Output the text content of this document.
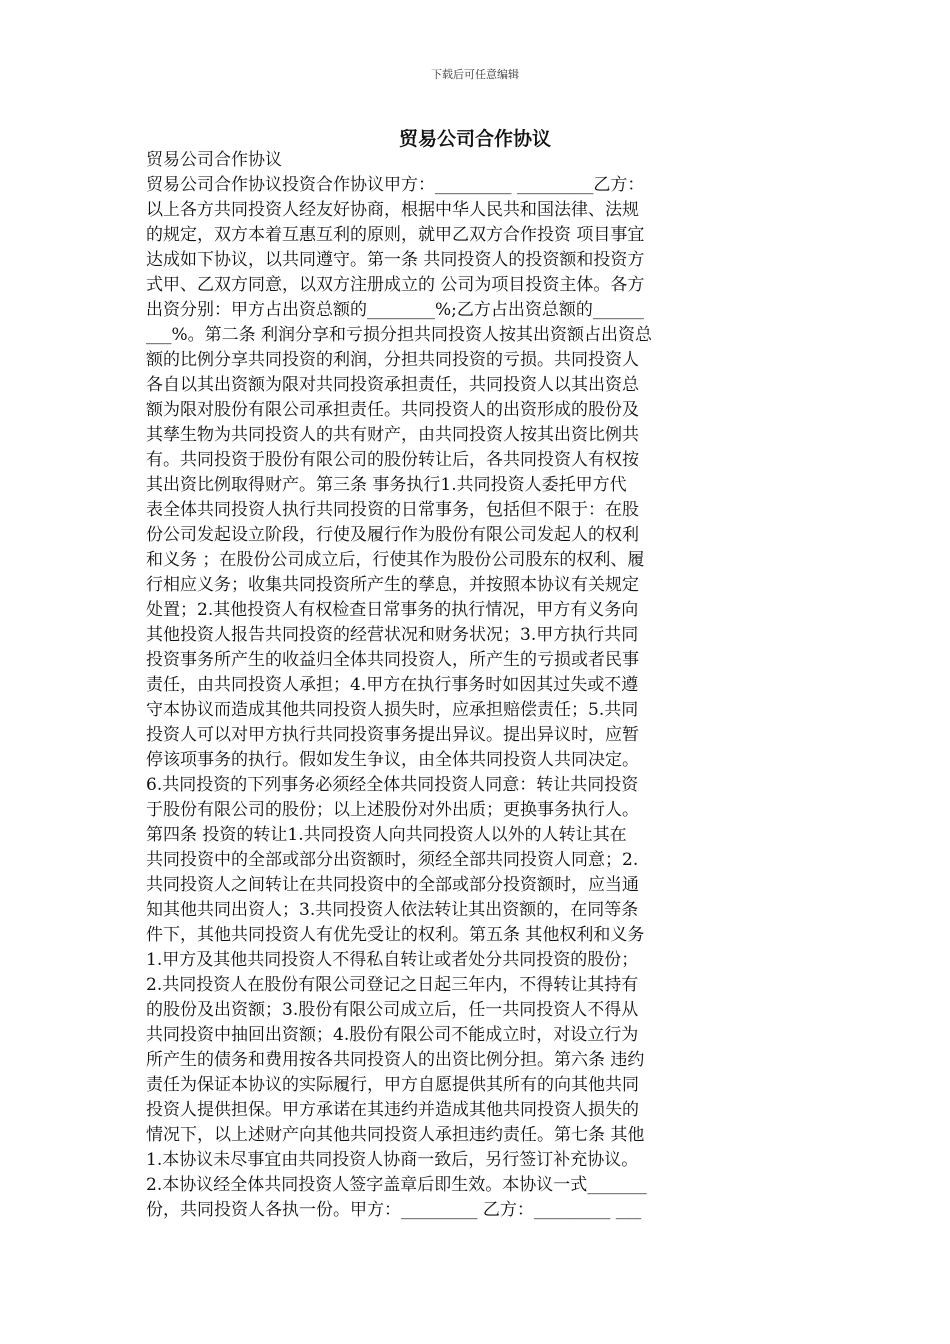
下载后可任意编辑
贸易公司合作协议
贸易公司合作协议
贸易公司合作协议投资合作协议甲方：_________ _________乙方：
以上各方共同投资人经友好协商，根据中华人民共和国法律、法规
的规定，双方本着互惠互利的原则，就甲乙双方合作投资 项目事宜
达成如下协议，以共同遵守。第一条 共同投资人的投资额和投资方
式甲、乙双方同意，以双方注册成立的 公司为项目投资主体。各方
出资分别：甲方占出资总额的________%;乙方占出资总额的______
___%。第二条 利润分享和亏损分担共同投资人按其出资额占出资总
额的比例分享共同投资的利润，分担共同投资的亏损。共同投资人
各自以其出资额为限对共同投资承担责任，共同投资人以其出资总
额为限对股份有限公司承担责任。共同投资人的出资形成的股份及
其孳生物为共同投资人的共有财产，由共同投资人按其出资比例共
有。共同投资于股份有限公司的股份转让后，各共同投资人有权按
其出资比例取得财产。第三条 事务执行1.共同投资人委托甲方代
表全体共同投资人执行共同投资的日常事务，包括但不限于：在股
份公司发起设立阶段，行使及履行作为股份有限公司发起人的权利
和义务 ；在股份公司成立后，行使其作为股份公司股东的权利、履
行相应义务；收集共同投资所产生的孳息，并按照本协议有关规定
处置；2.其他投资人有权检查日常事务的执行情况，甲方有义务向
其他投资人报告共同投资的经营状况和财务状况；3.甲方执行共同
投资事务所产生的收益归全体共同投资人，所产生的亏损或者民事
责任，由共同投资人承担；4.甲方在执行事务时如因其过失或不遵
守本协议而造成其他共同投资人损失时，应承担赔偿责任；5.共同
投资人可以对甲方执行共同投资事务提出异议。提出异议时，应暂
停该项事务的执行。假如发生争议，由全体共同投资人共同决定。
6.共同投资的下列事务必须经全体共同投资人同意：转让共同投资
于股份有限公司的股份；以上述股份对外出质；更换事务执行人。
第四条 投资的转让1.共同投资人向共同投资人以外的人转让其在
共同投资中的全部或部分出资额时，须经全部共同投资人同意；2.
共同投资人之间转让在共同投资中的全部或部分投资额时，应当通
知其他共同出资人；3.共同投资人依法转让其出资额的，在同等条
件下，其他共同投资人有优先受让的权利。第五条 其他权利和义务
1.甲方及其他共同投资人不得私自转让或者处分共同投资的股份；
2.共同投资人在股份有限公司登记之日起三年内，不得转让其持有
的股份及出资额；3.股份有限公司成立后，任一共同投资人不得从
共同投资中抽回出资额；4.股份有限公司不能成立时，对设立行为
所产生的债务和费用按各共同投资人的出资比例分担。第六条 违约
责任为保证本协议的实际履行，甲方自愿提供其所有的向其他共同
投资人提供担保。甲方承诺在其违约并造成其他共同投资人损失的
情况下，以上述财产向其他共同投资人承担违约责任。第七条 其他
1.本协议未尽事宜由共同投资人协商一致后，另行签订补充协议。
2.本协议经全体共同投资人签字盖章后即生效。本协议一式_______
份，共同投资人各执一份。甲方：_________ 乙方：_________ ___
